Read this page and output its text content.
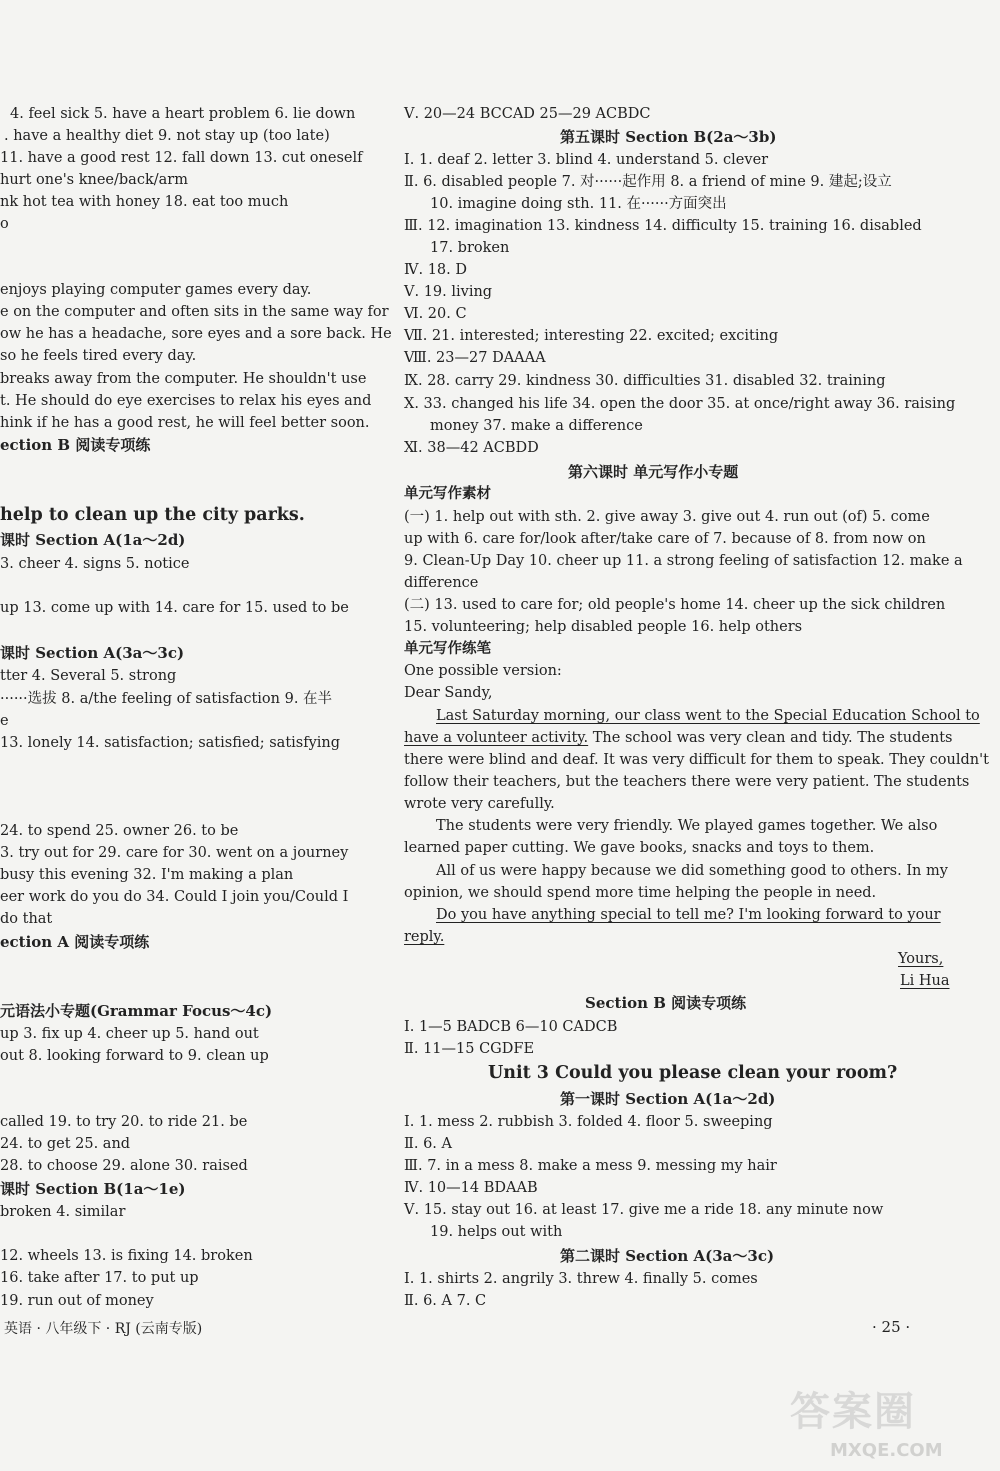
4. feel sick 5. have a heart problem 6. lie down
. have a healthy diet 9. not stay up (too late)
11. have a good rest 12. fall down 13. cut oneself
hurt one's knee/back/arm
nk hot tea with honey 18. eat too much
o
enjoys playing computer games every day.
e on the computer and often sits in the same way for
ow he has a headache, sore eyes and a sore back. He
so he feels tired every day.
breaks away from the computer. He shouldn't use
t. He should do eye exercises to relax his eyes and
hink if he has a good rest, he will feel better soon.
ection B 阅读专项练
help to clean up the city parks.
课时 Section A(1a～2d)
3. cheer 4. signs 5. notice
up 13. come up with 14. care for 15. used to be
课时 Section A(3a～3c)
tter 4. Several 5. strong
······选拔 8. a/the feeling of satisfaction 9. 在半
e
13. lonely 14. satisfaction; satisfied; satisfying
24. to spend 25. owner 26. to be
3. try out for 29. care for 30. went on a journey
busy this evening 32. I'm making a plan
eer work do you do 34. Could I join you/Could I
do that
ection A 阅读专项练
元语法小专题(Grammar Focus～4c)
up 3. fix up 4. cheer up 5. hand out
out 8. looking forward to 9. clean up
called 19. to try 20. to ride 21. be
24. to get 25. and
28. to choose 29. alone 30. raised
课时 Section B(1a～1e)
broken 4. similar
12. wheels 13. is fixing 14. broken
16. take after 17. to put up
19. run out of money
Ⅴ. 20—24 BCCAD 25—29 ACBDC
第五课时 Section B(2a～3b)
Ⅰ. 1. deaf 2. letter 3. blind 4. understand 5. clever
Ⅱ. 6. disabled people 7. 对······起作用 8. a friend of mine 9. 建起;设立
10. imagine doing sth. 11. 在······方面突出
Ⅲ. 12. imagination 13. kindness 14. difficulty 15. training 16. disabled
17. broken
Ⅳ. 18. D
Ⅴ. 19. living
Ⅵ. 20. C
Ⅶ. 21. interested; interesting 22. excited; exciting
Ⅷ. 23—27 DAAAA
Ⅸ. 28. carry 29. kindness 30. difficulties 31. disabled 32. training
Ⅹ. 33. changed his life 34. open the door 35. at once/right away 36. raising
money 37. make a difference
Ⅺ. 38—42 ACBDD
第六课时 单元写作小专题
单元写作素材
(一) 1. help out with sth. 2. give away 3. give out 4. run out (of) 5. come
up with 6. care for/look after/take care of 7. because of 8. from now on
9. Clean-Up Day 10. cheer up 11. a strong feeling of satisfaction 12. make a
difference
(二) 13. used to care for; old people's home 14. cheer up the sick children
15. volunteering; help disabled people 16. help others
单元写作练笔
One possible version:
Dear Sandy,
Last Saturday morning, our class went to the Special Education School to
have a volunteer activity. The school was very clean and tidy. The students
there were blind and deaf. It was very difficult for them to speak. They couldn't
follow their teachers, but the teachers there were very patient. The students
wrote very carefully.
The students were very friendly. We played games together. We also
learned paper cutting. We gave books, snacks and toys to them.
All of us were happy because we did something good to others. In my
opinion, we should spend more time helping the people in need.
Do you have anything special to tell me? I'm looking forward to your
reply.
Yours,
Li Hua
Section B 阅读专项练
Ⅰ. 1—5 BADCB 6—10 CADCB
Ⅱ. 11—15 CGDFE
Unit 3 Could you please clean your room?
第一课时 Section A(1a～2d)
Ⅰ. 1. mess 2. rubbish 3. folded 4. floor 5. sweeping
Ⅱ. 6. A
Ⅲ. 7. in a mess 8. make a mess 9. messing my hair
Ⅳ. 10—14 BDAAB
Ⅴ. 15. stay out 16. at least 17. give me a ride 18. any minute now
19. helps out with
第二课时 Section A(3a～3c)
Ⅰ. 1. shirts 2. angrily 3. threw 4. finally 5. comes
Ⅱ. 6. A 7. C
英语 · 八年级下 · RJ (云南专版)	· 25 ·
答案圈
MXQE.COM
